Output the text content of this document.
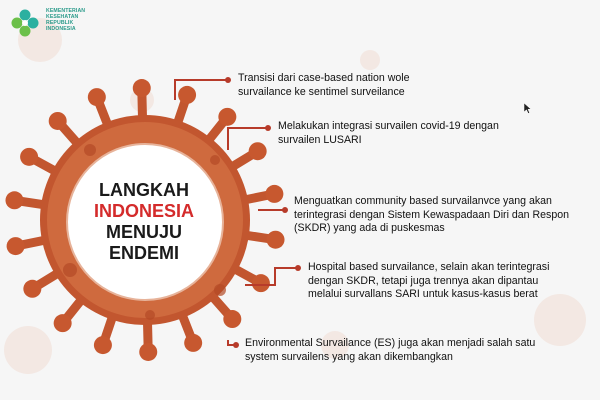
KEMENTERIAN
KESEHATAN
REPUBLIK
INDONESIA
LANGKAH
INDONESIA
MENUJU
ENDEMI
Transisi dari case-based nation wole
survailance ke sentimel surveilance
Melakukan integrasi survailen covid-19 dengan
survailen LUSARI
Menguatkan community based survailanvce yang akan
terintegrasi dengan Sistem Kewaspadaan Diri dan Respon
(SKDR) yang ada di puskesmas
Hospital based survailance, selain akan terintegrasi
dengan SKDR, tetapi juga trennya akan dipantau
melalui survallans SARI untuk kasus-kasus berat
Environmental Survailance (ES) juga akan menjadi salah satu
system survailens yang akan dikembangkan
